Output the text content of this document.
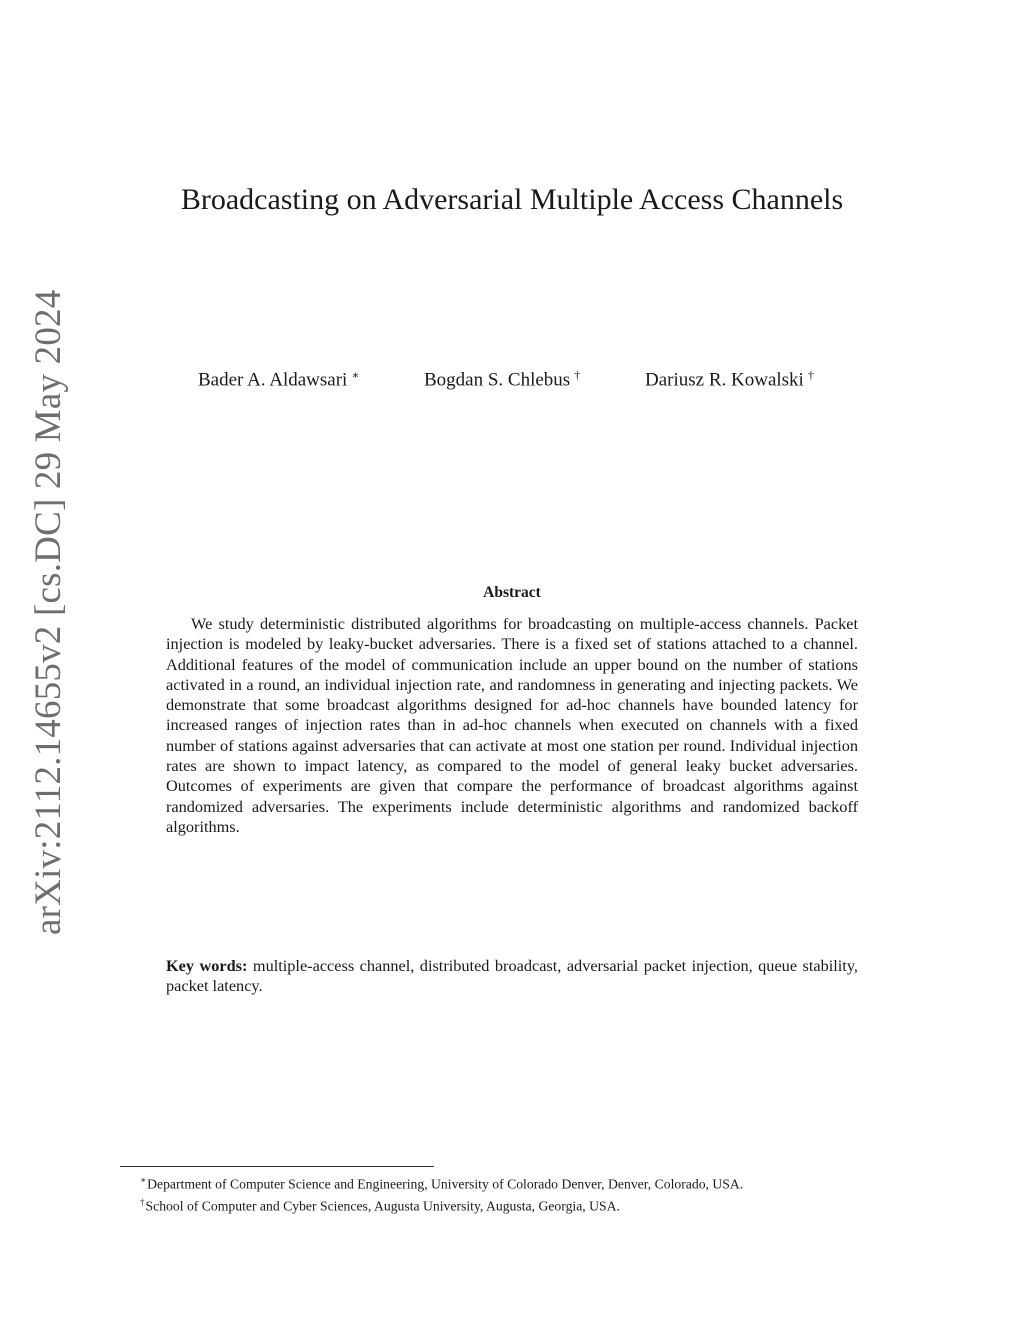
arXiv:2112.14655v2 [cs.DC] 29 May 2024
Broadcasting on Adversarial Multiple Access Channels
Bader A. Aldawsari ∗	Bogdan S. Chlebus †	Dariusz R. Kowalski †
Abstract

We study deterministic distributed algorithms for broadcasting on multiple-access channels. Packet injection is modeled by leaky-bucket adversaries. There is a fixed set of stations attached to a channel. Additional features of the model of communication include an upper bound on the number of stations activated in a round, an individual injection rate, and randomness in generating and injecting packets. We demonstrate that some broadcast algorithms designed for ad-hoc channels have bounded latency for increased ranges of injection rates than in ad-hoc channels when executed on channels with a fixed number of stations against adversaries that can activate at most one station per round. Individual injection rates are shown to impact latency, as compared to the model of general leaky bucket adversaries. Outcomes of experiments are given that compare the performance of broadcast algorithms against randomized adversaries. The experiments include deterministic algorithms and randomized backoff algorithms.

Key words: multiple-access channel, distributed broadcast, adversarial packet injection, queue stability, packet latency.

∗Department of Computer Science and Engineering, University of Colorado Denver, Denver, Colorado, USA.
†School of Computer and Cyber Sciences, Augusta University, Augusta, Georgia, USA.
